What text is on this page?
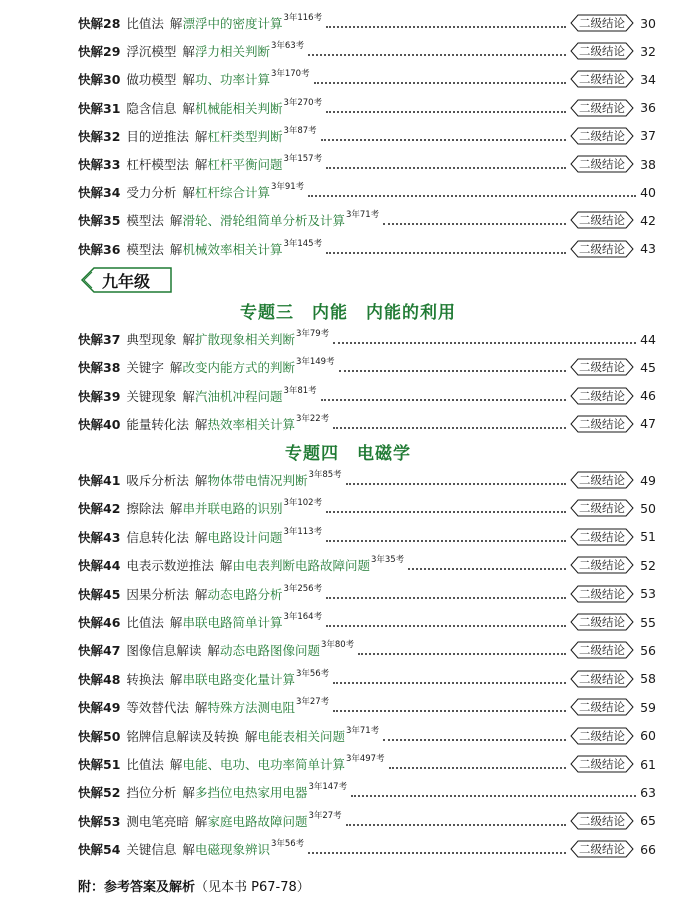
快解28 比值法 解 漂浮中的密度计算 3年116考	二级结论	30
快解29 浮沉模型 解 浮力相关判断 3年63考	二级结论	32
快解30 做功模型 解 功、功率计算 3年170考	二级结论	34
快解31 隐含信息 解 机械能相关判断 3年270考	二级结论	36
快解32 目的逆推法 解 杠杆类型判断 3年87考	二级结论	37
快解33 杠杆模型法 解 杠杆平衡问题 3年157考	二级结论	38
快解34 受力分析 解 杠杆综合计算 3年91考	40
快解35 模型法 解 滑轮、滑轮组简单分析及计算 3年71考	二级结论	42
快解36 模型法 解 机械效率相关计算 3年145考	二级结论	43
九年级
专题三　内能　内能的利用
快解37 典型现象 解 扩散现象相关判断 3年79考	44
快解38 关键字 解 改变内能方式的判断 3年149考	二级结论	45
快解39 关键现象 解 汽油机冲程问题 3年81考	二级结论	46
快解40 能量转化法 解 热效率相关计算 3年22考	二级结论	47
专题四　电磁学
快解41 吸斥分析法 解 物体带电情况判断 3年85考	二级结论	49
快解42 擦除法 解 串并联电路的识别 3年102考	二级结论	50
快解43 信息转化法 解 电路设计问题 3年113考	二级结论	51
快解44 电表示数逆推法 解 由电表判断电路故障问题 3年35考	二级结论	52
快解45 因果分析法 解 动态电路分析 3年256考	二级结论	53
快解46 比值法 解 串联电路简单计算 3年164考	二级结论	55
快解47 图像信息解读 解 动态电路图像问题 3年80考	二级结论	56
快解48 转换法 解 串联电路变化量计算 3年56考	二级结论	58
快解49 等效替代法 解 特殊方法测电阻 3年27考	二级结论	59
快解50 铭牌信息解读及转换 解 电能表相关问题 3年71考	二级结论	60
快解51 比值法 解 电能、电功、电功率简单计算 3年497考	二级结论	61
快解52 挡位分析 解 多挡位电热家用电器 3年147考	63
快解53 测电笔亮暗 解 家庭电路故障问题 3年27考	二级结论	65
快解54 关键信息 解 电磁现象辨识 3年56考	二级结论	66
附：参考答案及解析（见本书 P67-78）
